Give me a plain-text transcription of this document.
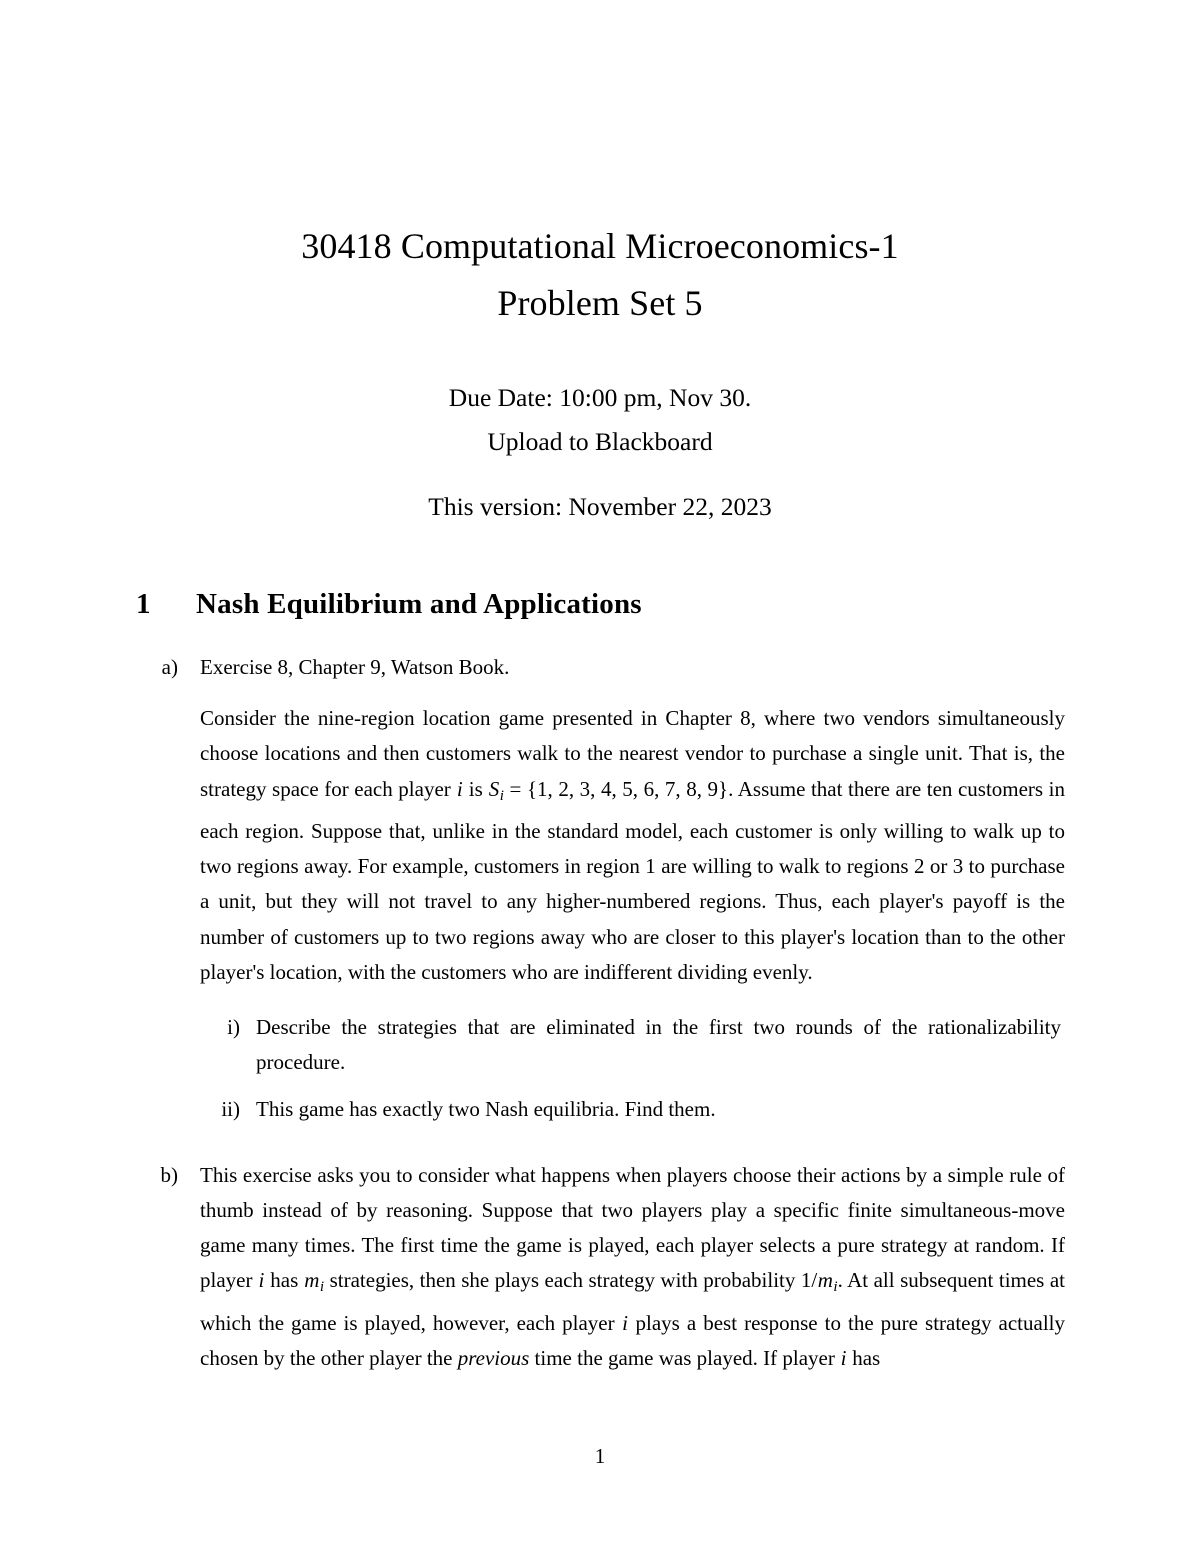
30418 Computational Microeconomics-1
Problem Set 5
Due Date: 10:00 pm, Nov 30.
Upload to Blackboard
This version: November 22, 2023
1 Nash Equilibrium and Applications
a) Exercise 8, Chapter 9, Watson Book.

Consider the nine-region location game presented in Chapter 8, where two vendors simultaneously choose locations and then customers walk to the nearest vendor to purchase a single unit. That is, the strategy space for each player i is $S_i = \{1$, 2, 3, 4, 5, 6, 7, 8, 9}. Assume that there are ten customers in each region. Suppose that, unlike in the standard model, each customer is only willing to walk up to two regions away. For example, customers in region 1 are willing to walk to regions 2 or 3 to purchase a unit, but they will not travel to any higher-numbered regions. Thus, each player's payoff is the number of customers up to two regions away who are closer to this player's location than to the other player's location, with the customers who are indifferent dividing evenly.

i) Describe the strategies that are eliminated in the first two rounds of the rationalizability procedure.
ii) This game has exactly two Nash equilibria. Find them.
b) This exercise asks you to consider what happens when players choose their actions by a simple rule of thumb instead of by reasoning. Suppose that two players play a specific finite simultaneous-move game many times. The first time the game is played, each player selects a pure strategy at random. If player i has $m_i$ strategies, then she plays each strategy with probability $1/m_i$. At all subsequent times at which the game is played, however, each player i plays a best response to the pure strategy actually chosen by the other player the previous time the game was played. If player i has

1
